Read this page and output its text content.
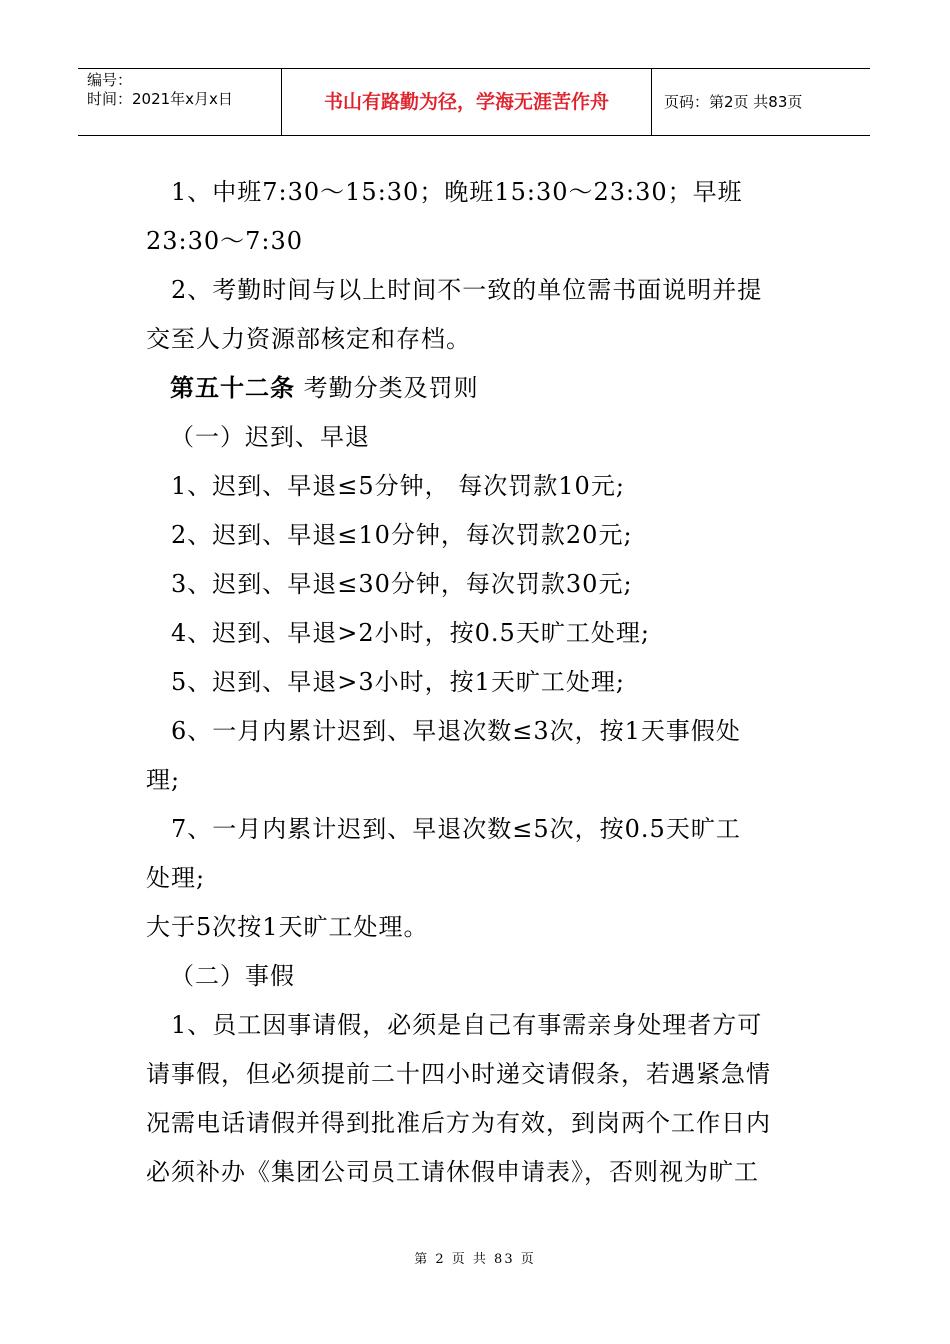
编号：
时间：2021年x月x日	书山有路勤为径，学海无涯苦作舟	页码：第2页 共83页
　1、中班7:30～15:30；晚班15:30～23:30；早班
23:30～7:30
　2、考勤时间与以上时间不一致的单位需书面说明并提
交至人力资源部核定和存档。
第五十二条 考勤分类及罚则
（一）迟到、早退
　1、迟到、早退≤5分钟， 每次罚款10元;
　2、迟到、早退≤10分钟，每次罚款20元;
　3、迟到、早退≤30分钟，每次罚款30元;
　4、迟到、早退>2小时，按0.5天旷工处理;
　5、迟到、早退>3小时，按1天旷工处理;
　6、一月内累计迟到、早退次数≤3次，按1天事假处
理;
　7、一月内累计迟到、早退次数≤5次，按0.5天旷工
处理;
大于5次按1天旷工处理。
（二）事假
　1、员工因事请假，必须是自己有事需亲身处理者方可
请事假，但必须提前二十四小时递交请假条，若遇紧急情
况需电话请假并得到批准后方为有效，到岗两个工作日内
必须补办《集团公司员工请休假申请表》，否则视为旷工
第 2 页 共 83 页
